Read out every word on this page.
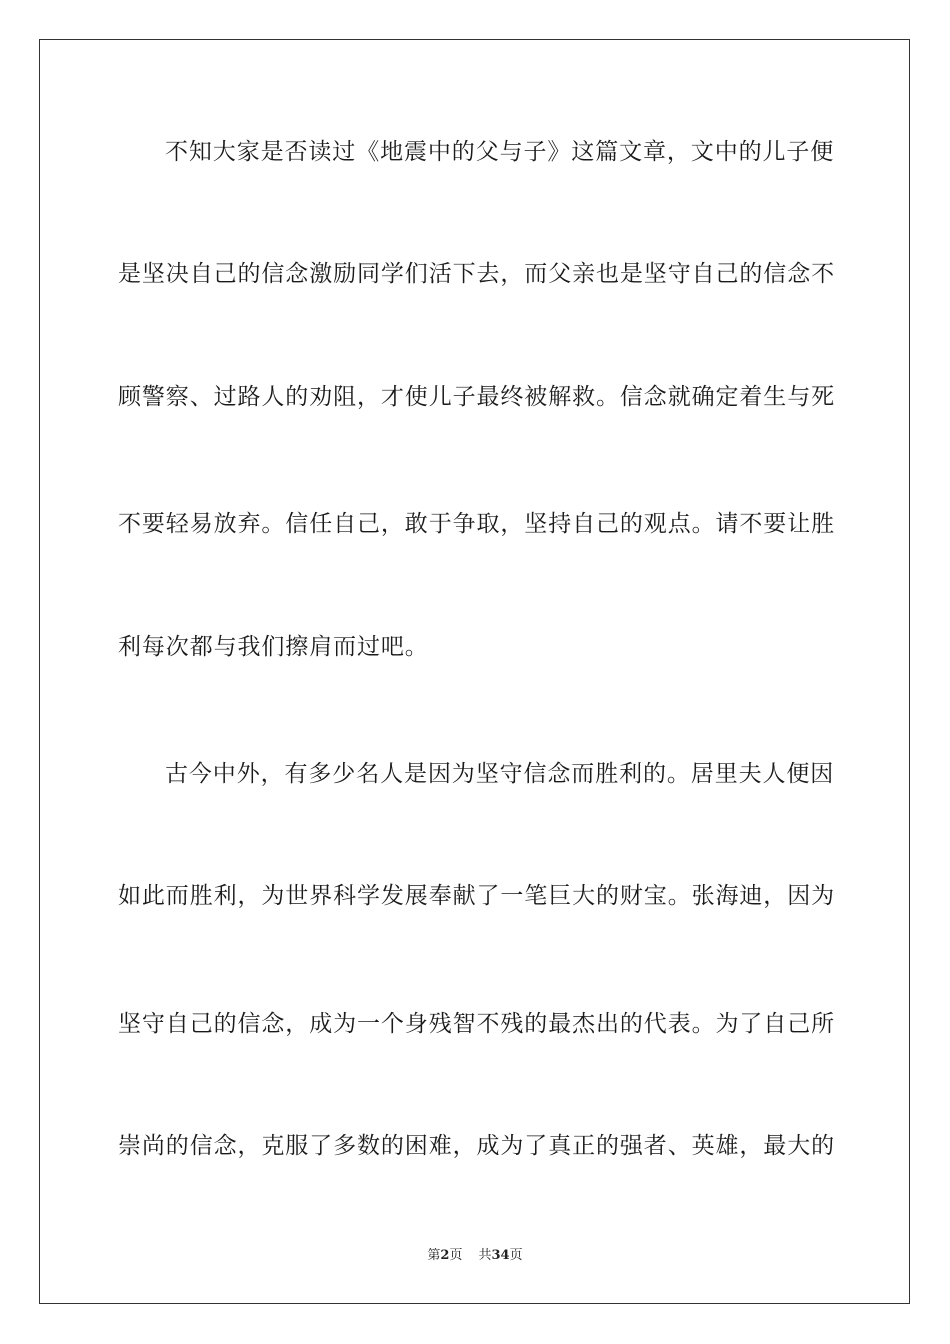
不知大家是否读过《地震中的父与子》这篇文章，文中的儿子便
是坚决自己的信念激励同学们活下去，而父亲也是坚守自己的信念不
顾警察、过路人的劝阻，才使儿子最终被解救。信念就确定着生与死
不要轻易放弃。信任自己，敢于争取，坚持自己的观点。请不要让胜
利每次都与我们擦肩而过吧。
古今中外，有多少名人是因为坚守信念而胜利的。居里夫人便因
如此而胜利，为世界科学发展奉献了一笔巨大的财宝。张海迪，因为
坚守自己的信念，成为一个身残智不残的最杰出的代表。为了自己所
崇尚的信念，克服了多数的困难，成为了真正的强者、英雄，最大的
第2页 共34页
